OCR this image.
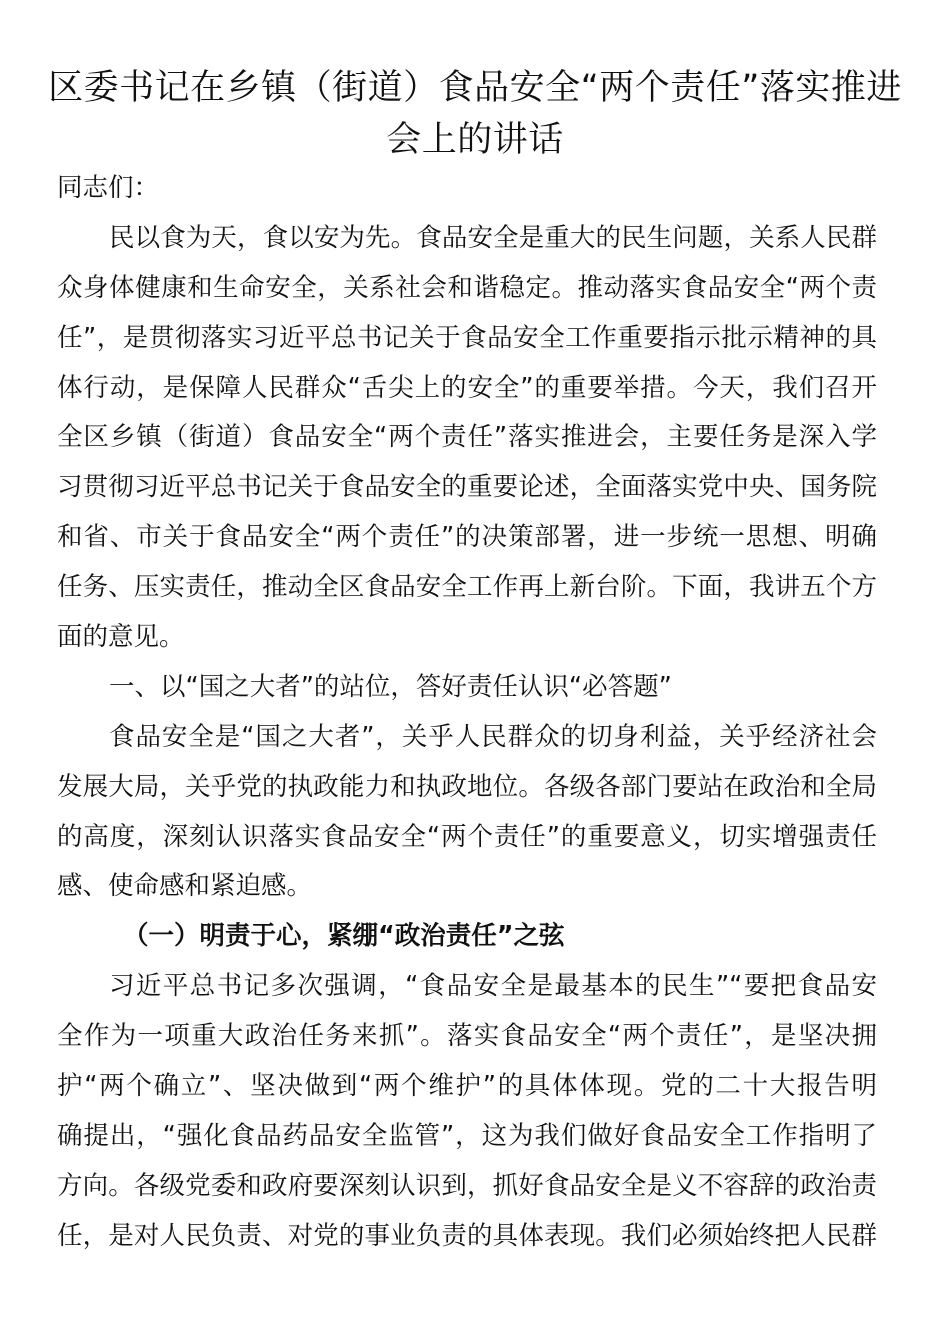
区委书记在乡镇（街道）食品安全“两个责任”落实推进会上的讲话
同志们：
民以食为天，食以安为先。食品安全是重大的民生问题，关系人民群
众身体健康和生命安全，关系社会和谐稳定。推动落实食品安全“两个责
任”，是贯彻落实习近平总书记关于食品安全工作重要指示批示精神的具
体行动，是保障人民群众“舌尖上的安全”的重要举措。今天，我们召开
全区乡镇（街道）食品安全“两个责任”落实推进会，主要任务是深入学
习贯彻习近平总书记关于食品安全的重要论述，全面落实党中央、国务院
和省、市关于食品安全“两个责任”的决策部署，进一步统一思想、明确
任务、压实责任，推动全区食品安全工作再上新台阶。下面，我讲五个方
面的意见。
一、以“国之大者”的站位，答好责任认识“必答题”
食品安全是“国之大者”，关乎人民群众的切身利益，关乎经济社会
发展大局，关乎党的执政能力和执政地位。各级各部门要站在政治和全局
的高度，深刻认识落实食品安全“两个责任”的重要意义，切实增强责任
感、使命感和紧迫感。
（一）明责于心，紧绷“政治责任”之弦
习近平总书记多次强调，“食品安全是最基本的民生”“要把食品安
全作为一项重大政治任务来抓”。落实食品安全“两个责任”，是坚决拥
护“两个确立”、坚决做到“两个维护”的具体体现。党的二十大报告明
确提出，“强化食品药品安全监管”，这为我们做好食品安全工作指明了
方向。各级党委和政府要深刻认识到，抓好食品安全是义不容辞的政治责
任，是对人民负责、对党的事业负责的具体表现。我们必须始终把人民群
